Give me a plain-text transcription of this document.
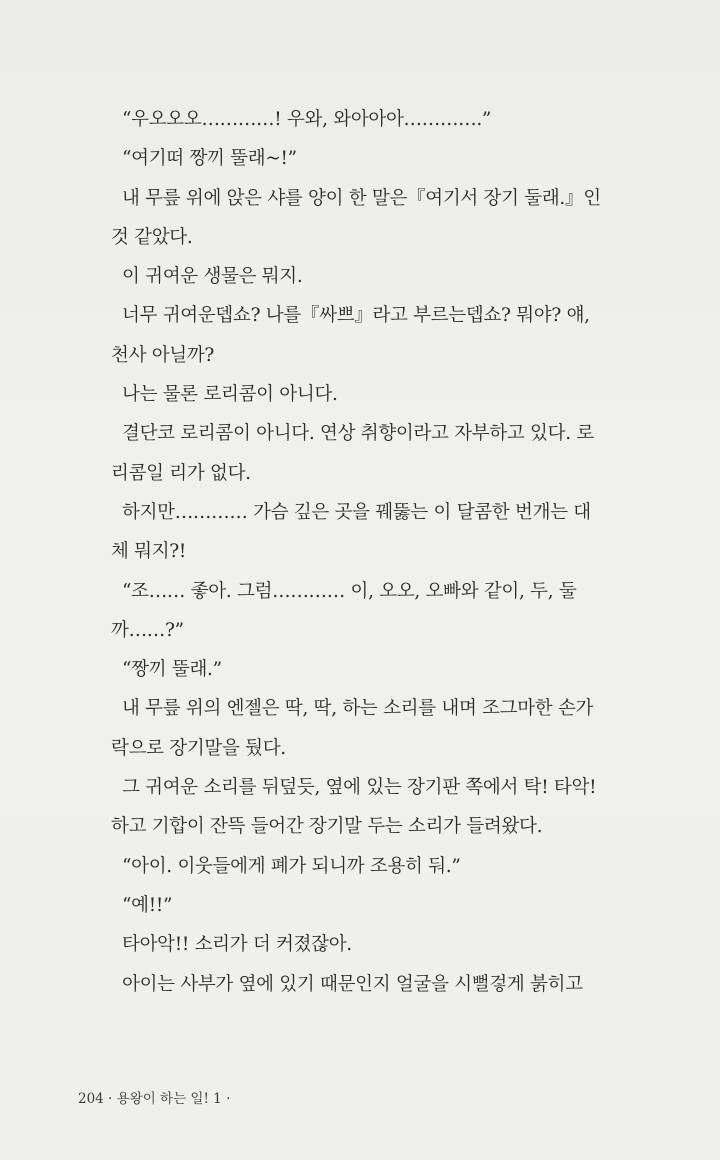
“우오오오…………! 우와, 와아아아………….”
“여기떠 짱끼 뚤래~!”
내 무릎 위에 앉은 샤를 양이 한 말은『여기서 장기 둘래.』인
것 같았다.
이 귀여운 생물은 뭐지.
너무 귀여운뎁쇼? 나를『싸쁘』라고 부르는뎁쇼? 뭐야? 얘,
천사 아닐까?
나는 물론 로리콤이 아니다.
결단코 로리콤이 아니다. 연상 취향이라고 자부하고 있다. 로
리콤일 리가 없다.
하지만………… 가슴 깊은 곳을 꿰뚫는 이 달콤한 번개는 대
체 뭐지?!
“조…… 좋아. 그럼………… 이, 오오, 오빠와 같이, 두, 둘
까……?”
“짱끼 뚤래.”
내 무릎 위의 엔젤은 딱, 딱, 하는 소리를 내며 조그마한 손가
락으로 장기말을 뒀다.
그 귀여운 소리를 뒤덮듯, 옆에 있는 장기판 쪽에서 탁! 타악!
하고 기합이 잔뜩 들어간 장기말 두는 소리가 들려왔다.
“아이. 이웃들에게 폐가 되니까 조용히 둬.”
“예!!”
타아악!! 소리가 더 커졌잖아.
아이는 사부가 옆에 있기 때문인지 얼굴을 시뻘겋게 붉히고
204 · 용왕이 하는 일! 1 ·
